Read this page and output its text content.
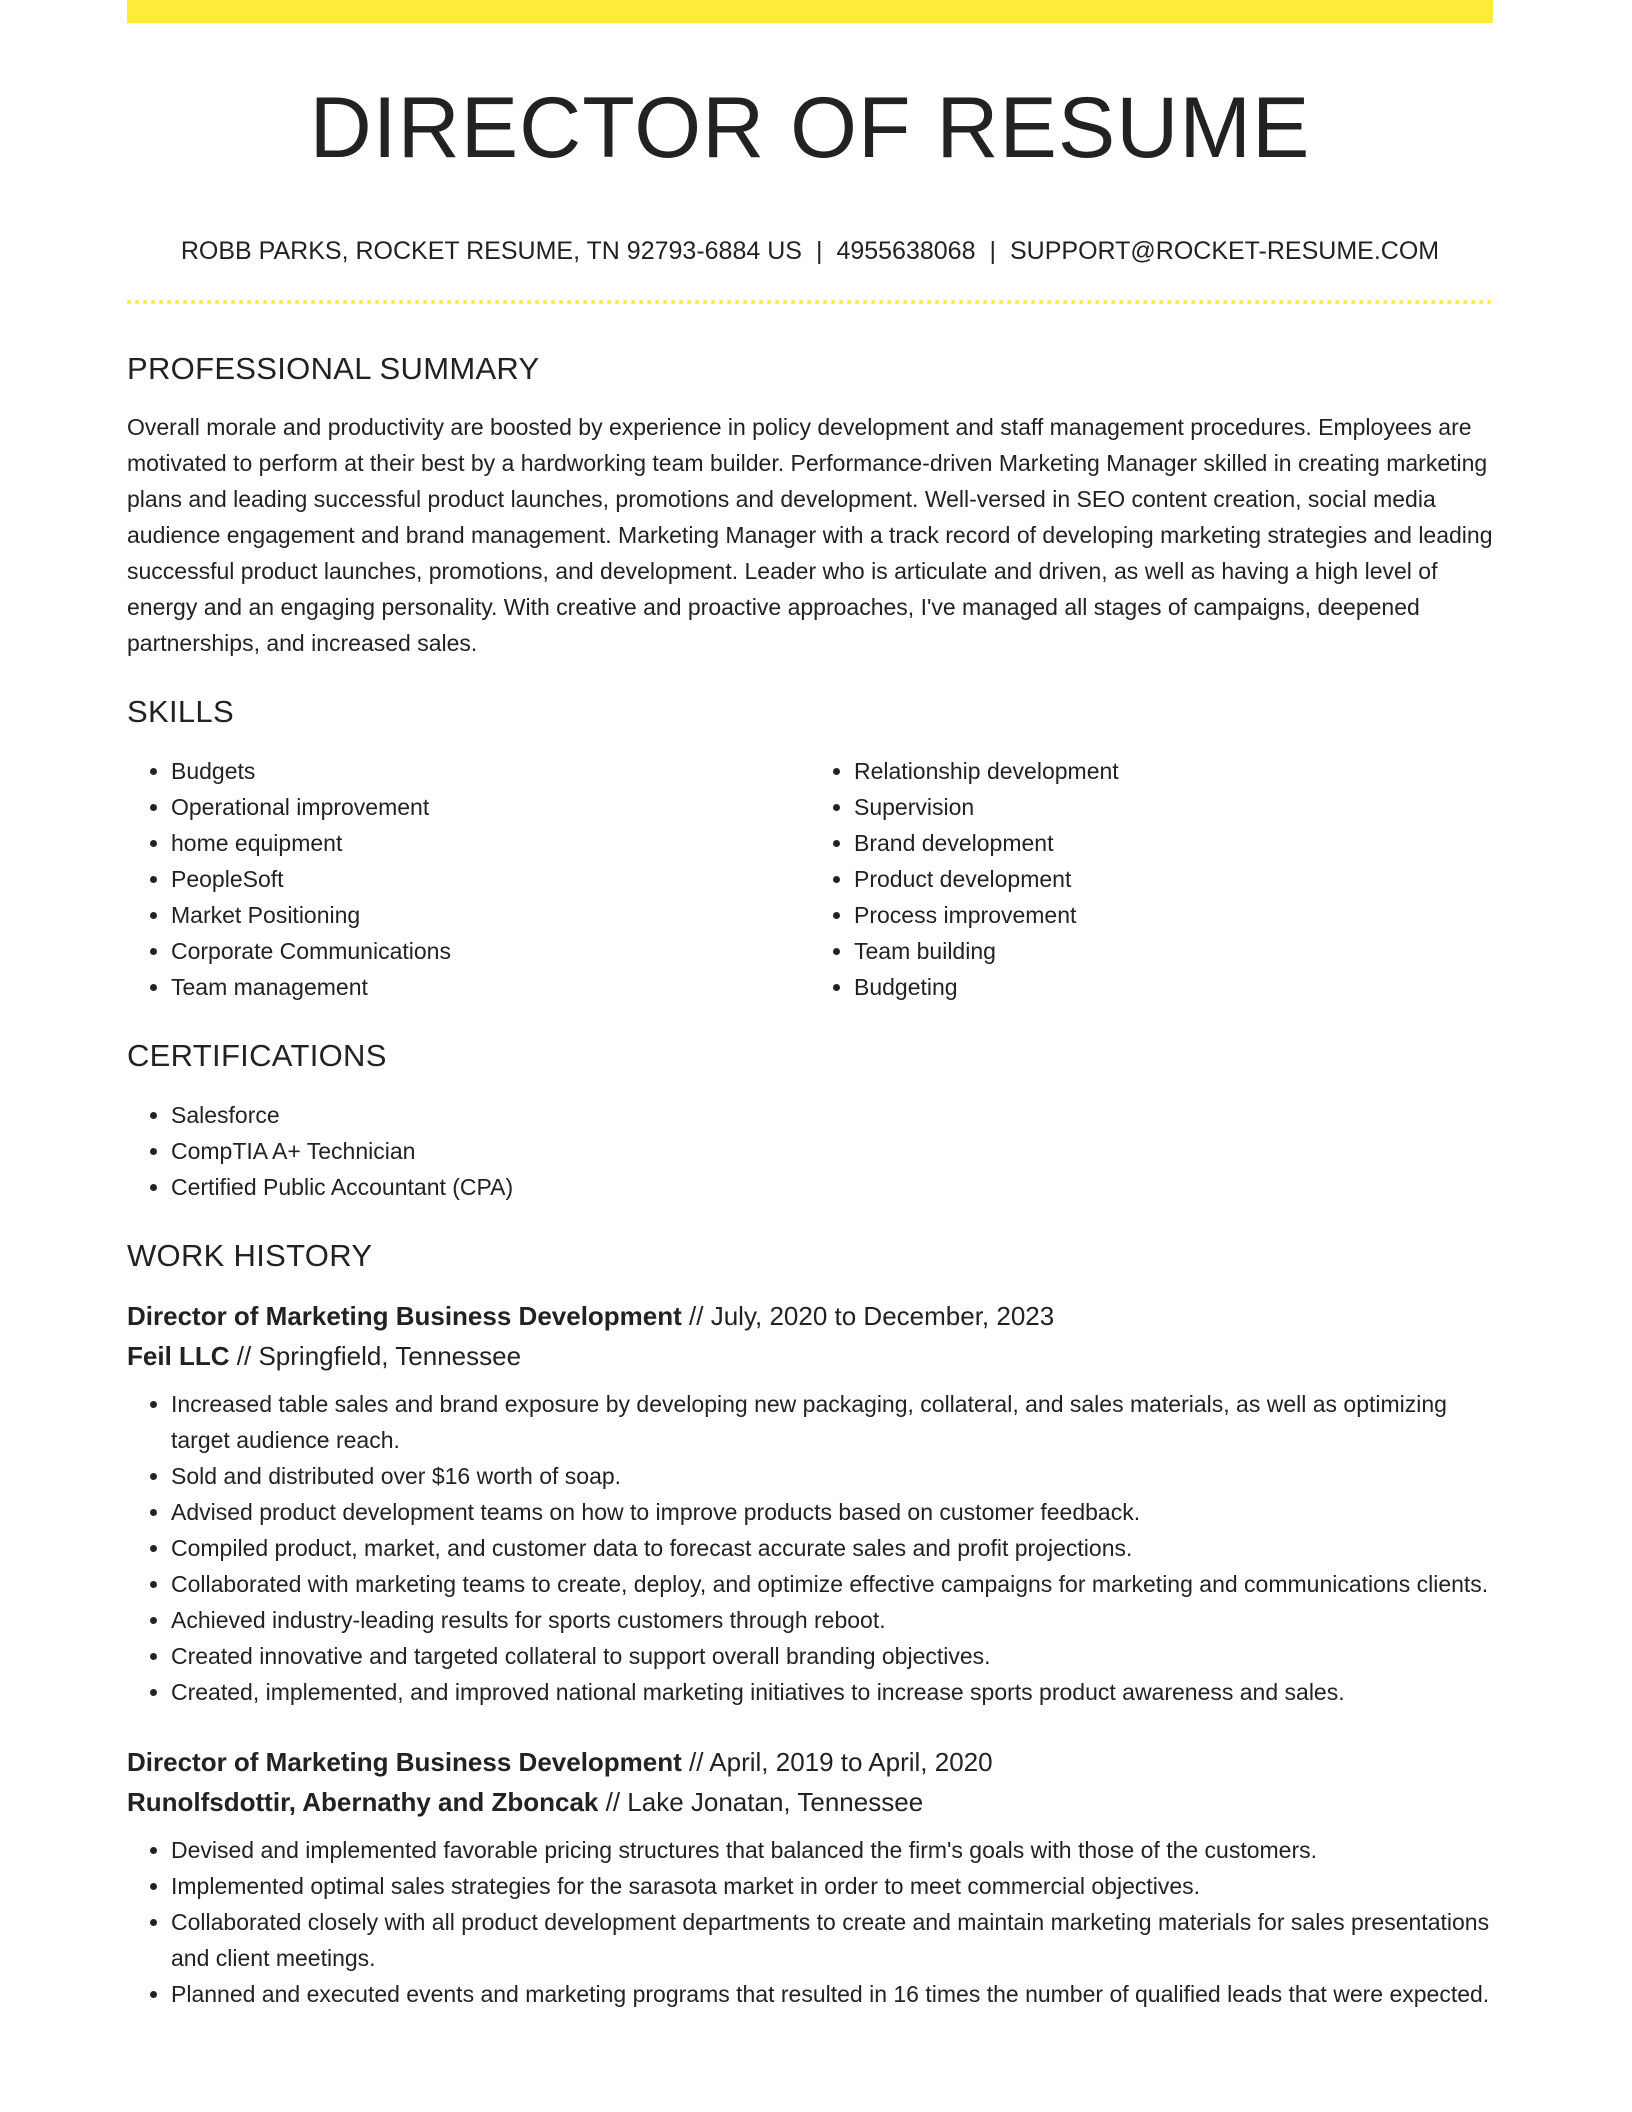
DIRECTOR OF RESUME
ROBB PARKS, ROCKET RESUME, TN 92793-6884 US | 4955638068 | SUPPORT@ROCKET-RESUME.COM
PROFESSIONAL SUMMARY
Overall morale and productivity are boosted by experience in policy development and staff management procedures. Employees are motivated to perform at their best by a hardworking team builder. Performance-driven Marketing Manager skilled in creating marketing plans and leading successful product launches, promotions and development. Well-versed in SEO content creation, social media audience engagement and brand management. Marketing Manager with a track record of developing marketing strategies and leading successful product launches, promotions, and development. Leader who is articulate and driven, as well as having a high level of energy and an engaging personality. With creative and proactive approaches, I've managed all stages of campaigns, deepened partnerships, and increased sales.
SKILLS
• Budgets
• Operational improvement
• home equipment
• PeopleSoft
• Market Positioning
• Corporate Communications
• Team management
• Relationship development
• Supervision
• Brand development
• Product development
• Process improvement
• Team building
• Budgeting
CERTIFICATIONS
• Salesforce
• CompTIA A+ Technician
• Certified Public Accountant (CPA)
WORK HISTORY
Director of Marketing Business Development // July, 2020 to December, 2023
Feil LLC // Springfield, Tennessee
• Increased table sales and brand exposure by developing new packaging, collateral, and sales materials, as well as optimizing target audience reach.
• Sold and distributed over $16 worth of soap.
• Advised product development teams on how to improve products based on customer feedback.
• Compiled product, market, and customer data to forecast accurate sales and profit projections.
• Collaborated with marketing teams to create, deploy, and optimize effective campaigns for marketing and communications clients.
• Achieved industry-leading results for sports customers through reboot.
• Created innovative and targeted collateral to support overall branding objectives.
• Created, implemented, and improved national marketing initiatives to increase sports product awareness and sales.
Director of Marketing Business Development // April, 2019 to April, 2020
Runolfsdottir, Abernathy and Zboncak // Lake Jonatan, Tennessee
• Devised and implemented favorable pricing structures that balanced the firm's goals with those of the customers.
• Implemented optimal sales strategies for the sarasota market in order to meet commercial objectives.
• Collaborated closely with all product development departments to create and maintain marketing materials for sales presentations and client meetings.
• Planned and executed events and marketing programs that resulted in 16 times the number of qualified leads that were expected.
